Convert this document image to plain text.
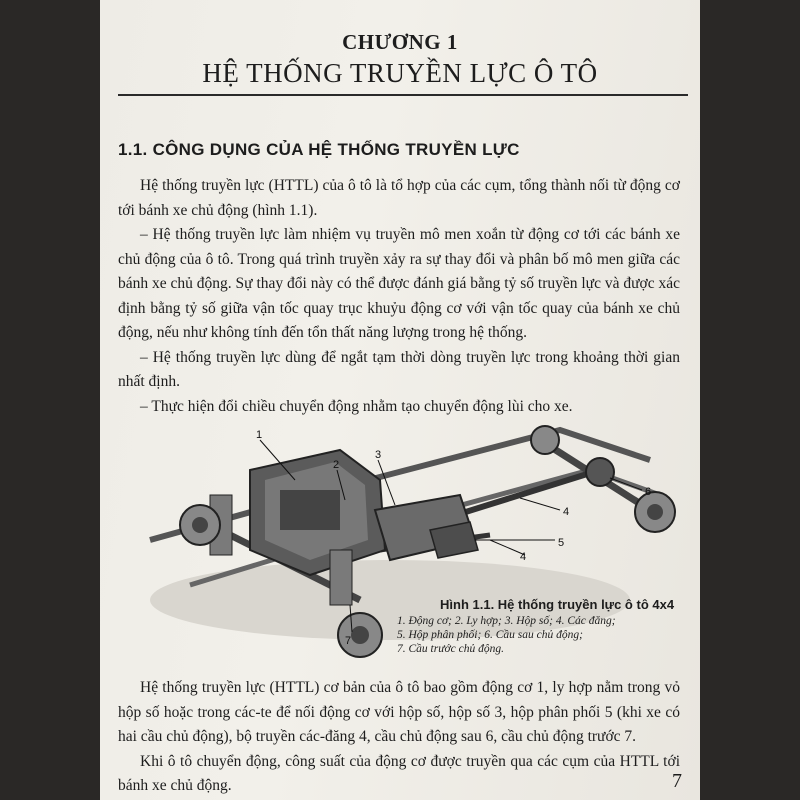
CHƯƠNG 1
HỆ THỐNG TRUYỀN LỰC Ô TÔ
1.1. CÔNG DỤNG CỦA HỆ THỐNG TRUYỀN LỰC

Hệ thống truyền lực (HTTL) của ô tô là tổ hợp của các cụm, tổng thành nối từ động cơ tới bánh xe chủ động (hình 1.1).

– Hệ thống truyền lực làm nhiệm vụ truyền mô men xoắn từ động cơ tới các bánh xe chủ động của ô tô. Trong quá trình truyền xảy ra sự thay đổi và phân bố mô men giữa các bánh xe chủ động. Sự thay đổi này có thể được đánh giá bằng tỷ số truyền lực và được xác định bằng tỷ số giữa vận tốc quay trục khuỷu động cơ với vận tốc quay của bánh xe chủ động, nếu như không tính đến tổn thất năng lượng trong hệ thống.

– Hệ thống truyền lực dùng để ngắt tạm thời dòng truyền lực trong khoảng thời gian nhất định.

– Thực hiện đổi chiều chuyển động nhằm tạo chuyển động lùi cho xe.

1
2
3
4
4
5
6
7
Hình 1.1. Hệ thống truyền lực ô tô 4x4
1. Động cơ; 2. Ly hợp; 3. Hộp số; 4. Các đăng;
5. Hộp phân phối; 6. Cầu sau chủ động;
7. Cầu trước chủ động.

Hệ thống truyền lực (HTTL) cơ bản của ô tô bao gồm động cơ 1, ly hợp nằm trong vỏ hộp số hoặc trong các-te để nối động cơ với hộp số, hộp số 3, hộp phân phối 5 (khi xe có hai cầu chủ động), bộ truyền các-đăng 4, cầu chủ động sau 6, cầu chủ động trước 7.

Khi ô tô chuyển động, công suất của động cơ được truyền qua các cụm của HTTL tới bánh xe chủ động.	7
